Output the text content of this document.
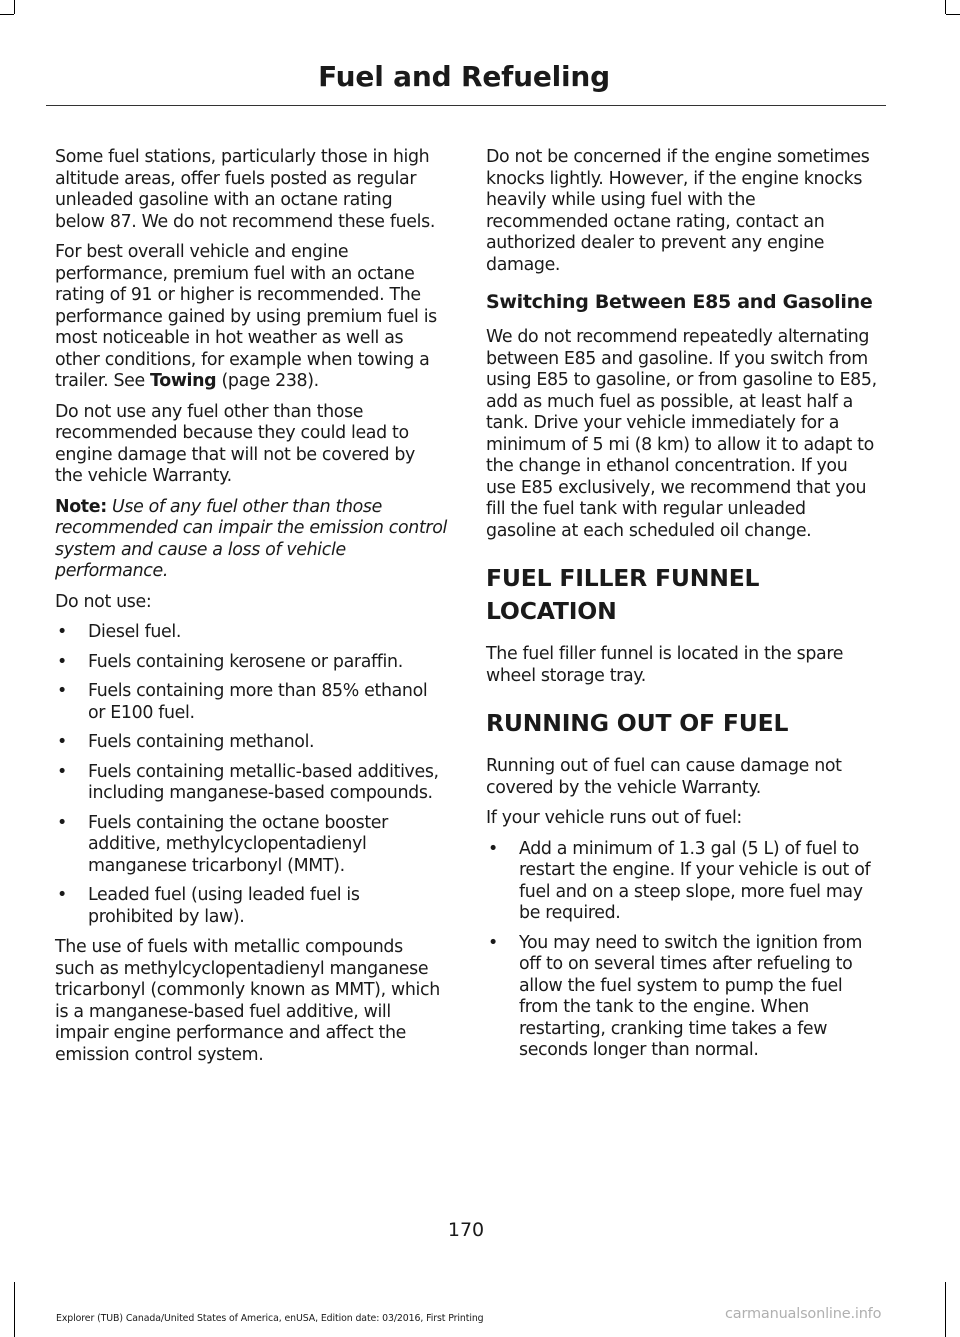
Fuel and Refueling

Some fuel stations, particularly those in high altitude areas, offer fuels posted as regular unleaded gasoline with an octane rating below 87. We do not recommend these fuels.

For best overall vehicle and engine performance, premium fuel with an octane rating of 91 or higher is recommended. The performance gained by using premium fuel is most noticeable in hot weather as well as other conditions, for example when towing a trailer. See Towing (page 238).

Do not use any fuel other than those recommended because they could lead to engine damage that will not be covered by the vehicle Warranty.

Note: Use of any fuel other than those recommended can impair the emission control system and cause a loss of vehicle performance.

Do not use:

• Diesel fuel.
• Fuels containing kerosene or paraffin.
• Fuels containing more than 85% ethanol or E100 fuel.
• Fuels containing methanol.
• Fuels containing metallic-based additives, including manganese-based compounds.
• Fuels containing the octane booster additive, methylcyclopentadienyl manganese tricarbonyl (MMT).
• Leaded fuel (using leaded fuel is prohibited by law).

The use of fuels with metallic compounds such as methylcyclopentadienyl manganese tricarbonyl (commonly known as MMT), which is a manganese-based fuel additive, will impair engine performance and affect the emission control system.

Do not be concerned if the engine sometimes knocks lightly. However, if the engine knocks heavily while using fuel with the recommended octane rating, contact an authorized dealer to prevent any engine damage.

Switching Between E85 and Gasoline

We do not recommend repeatedly alternating between E85 and gasoline. If you switch from using E85 to gasoline, or from gasoline to E85, add as much fuel as possible, at least half a tank. Drive your vehicle immediately for a minimum of 5 mi (8 km) to allow it to adapt to the change in ethanol concentration. If you use E85 exclusively, we recommend that you fill the fuel tank with regular unleaded gasoline at each scheduled oil change.

FUEL FILLER FUNNEL
LOCATION

The fuel filler funnel is located in the spare wheel storage tray.

RUNNING OUT OF FUEL

Running out of fuel can cause damage not covered by the vehicle Warranty.

If your vehicle runs out of fuel:

• Add a minimum of 1.3 gal (5 L) of fuel to restart the engine. If your vehicle is out of fuel and on a steep slope, more fuel may be required.
• You may need to switch the ignition from off to on several times after refueling to allow the fuel system to pump the fuel from the tank to the engine. When restarting, cranking time takes a few seconds longer than normal.
170
Explorer (TUB) Canada/United States of America, enUSA, Edition date: 03/2016, First Printing	carmanualsonline.info
